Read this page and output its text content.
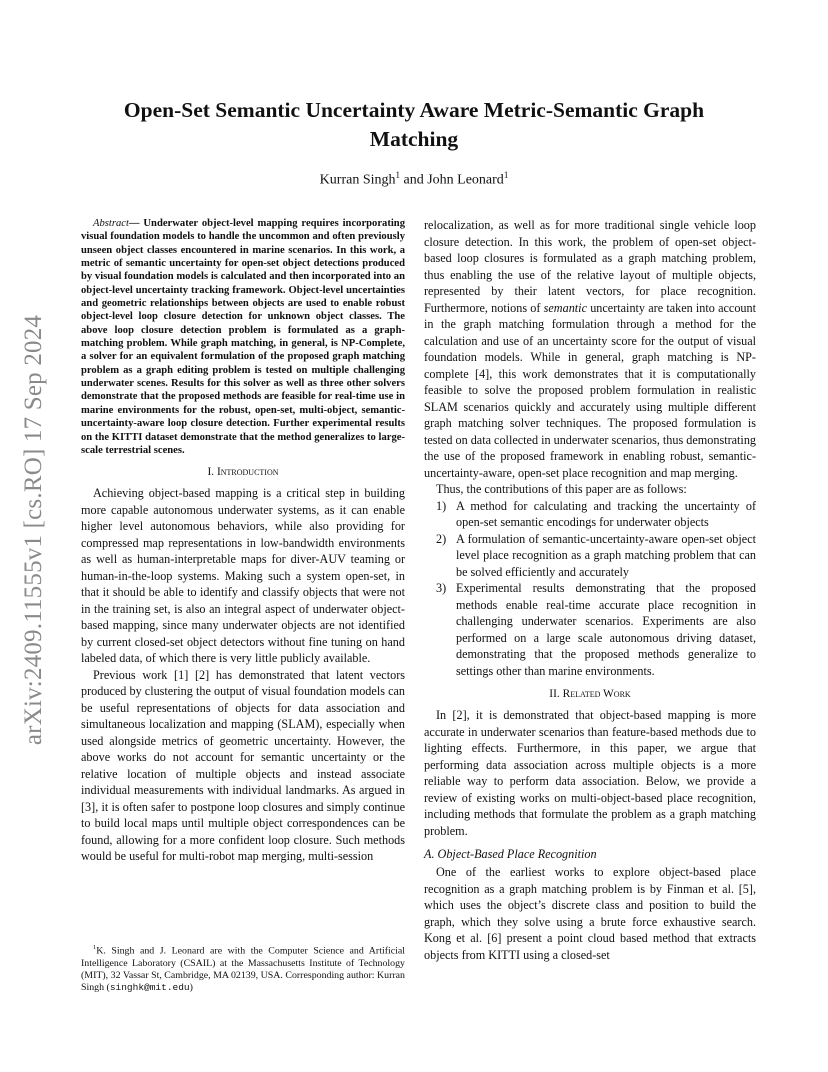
arXiv:2409.11555v1 [cs.RO] 17 Sep 2024
Open-Set Semantic Uncertainty Aware Metric-Semantic Graph Matching
Kurran Singh$^1$ and John Leonard$^1$

Abstract— Underwater object-level mapping requires incorporating visual foundation models to handle the uncommon and often previously unseen object classes encountered in marine scenarios. In this work, a metric of semantic uncertainty for open-set object detections produced by visual foundation models is calculated and then incorporated into an object-level uncertainty tracking framework. Object-level uncertainties and geometric relationships between objects are used to enable robust object-level loop closure detection for unknown object classes. The above loop closure detection problem is formulated as a graph-matching problem. While graph matching, in general, is NP-Complete, a solver for an equivalent formulation of the proposed graph matching problem as a graph editing problem is tested on multiple challenging underwater scenes. Results for this solver as well as three other solvers demonstrate that the proposed methods are feasible for real-time use in marine environments for the robust, open-set, multi-object, semantic-uncertainty-aware loop closure detection. Further experimental results on the KITTI dataset demonstrate that the method generalizes to large-scale terrestrial scenes.

I. Introduction

Achieving object-based mapping is a critical step in building more capable autonomous underwater systems, as it can enable higher level autonomous behaviors, while also providing for compressed map representations in low-bandwidth environments as well as human-interpretable maps for diver-AUV teaming or human-in-the-loop systems. Making such a system open-set, in that it should be able to identify and classify objects that were not in the training set, is also an integral aspect of underwater object-based mapping, since many underwater objects are not identified by current closed-set object detectors without fine tuning on hand labeled data, of which there is very little publicly available.

Previous work [1] [2] has demonstrated that latent vectors produced by clustering the output of visual foundation models can be useful representations of objects for data association and simultaneous localization and mapping (SLAM), especially when used alongside metrics of geometric uncertainty. However, the above works do not account for semantic uncertainty or the relative location of multiple objects and instead associate individual measurements with individual landmarks. As argued in [3], it is often safer to postpone loop closures and simply continue to build local maps until multiple object correspondences can be found, allowing for a more confident loop closure. Such methods would be useful for multi-robot map merging, multi-session

relocalization, as well as for more traditional single vehicle loop closure detection. In this work, the problem of open-set object-based loop closures is formulated as a graph matching problem, thus enabling the use of the relative layout of multiple objects, represented by their latent vectors, for place recognition. Furthermore, notions of semantic uncertainty are taken into account in the graph matching formulation through a method for the calculation and use of an uncertainty score for the output of visual foundation models. While in general, graph matching is NP-complete [4], this work demonstrates that it is computationally feasible to solve the proposed problem formulation in realistic SLAM scenarios quickly and accurately using multiple different graph matching solver techniques. The proposed formulation is tested on data collected in underwater scenarios, thus demonstrating the use of the proposed framework in enabling robust, semantic-uncertainty-aware, open-set place recognition and map merging.

Thus, the contributions of this paper are as follows:

1) A method for calculating and tracking the uncertainty of open-set semantic encodings for underwater objects
2) A formulation of semantic-uncertainty-aware open-set object level place recognition as a graph matching problem that can be solved efficiently and accurately
3) Experimental results demonstrating that the proposed methods enable real-time accurate place recognition in challenging underwater scenarios. Experiments are also performed on a large scale autonomous driving dataset, demonstrating that the proposed methods generalize to settings other than marine environments.
II. Related Work

In [2], it is demonstrated that object-based mapping is more accurate in underwater scenarios than feature-based methods due to lighting effects. Furthermore, in this paper, we argue that performing data association across multiple objects is a more reliable way to perform data association. Below, we provide a review of existing works on multi-object-based place recognition, including methods that formulate the problem as a graph matching problem.

A. Object-Based Place Recognition

One of the earliest works to explore object-based place recognition as a graph matching problem is by Finman et al. [5], which uses the object’s discrete class and position to build the graph, which they solve using a brute force exhaustive search. Kong et al. [6] present a point cloud based method that extracts objects from KITTI using a closed-set

$^1$K. Singh and J. Leonard are with the Computer Science and Artificial Intelligence Laboratory (CSAIL) at the Massachusetts Institute of Technology (MIT), 32 Vassar St, Cambridge, MA 02139, USA. Corresponding author: Kurran Singh (singhk@mit.edu)
